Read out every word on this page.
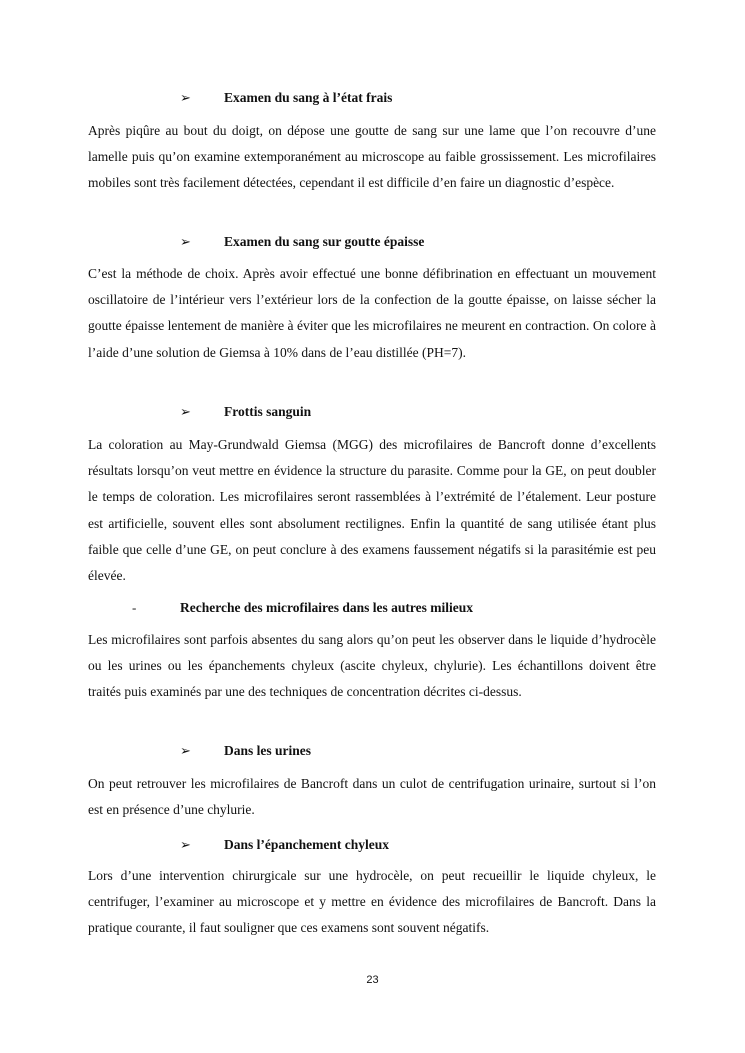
➢ Examen du sang à l’état frais

Après piqûre au bout du doigt, on dépose une goutte de sang sur une lame que l’on recouvre d’une lamelle puis qu’on examine extemporanément au microscope au faible grossissement. Les microfilaires mobiles sont très facilement détectées, cependant il est difficile d’en faire un diagnostic d’espèce.

➢ Examen du sang sur goutte épaisse

C’est la méthode de choix. Après avoir effectué une bonne défibrination en effectuant un mouvement oscillatoire de l’intérieur vers l’extérieur lors de la confection de la goutte épaisse, on laisse sécher la goutte épaisse lentement de manière à éviter que les microfilaires ne meurent en contraction. On colore à l’aide d’une solution de Giemsa à 10% dans de l’eau distillée (PH=7).

➢ Frottis sanguin

La coloration au May-Grundwald Giemsa (MGG) des microfilaires de Bancroft donne d’excellents résultats lorsqu’on veut mettre en évidence la structure du parasite. Comme pour la GE, on peut doubler le temps de coloration. Les microfilaires seront rassemblées à l’extrémité de l’étalement. Leur posture est artificielle, souvent elles sont absolument rectilignes. Enfin la quantité de sang utilisée étant plus faible que celle d’une GE, on peut conclure à des examens faussement négatifs si la parasitémie est peu élevée.

-	Recherche des microfilaires dans les autres milieux

Les microfilaires sont parfois absentes du sang alors qu’on peut les observer dans le liquide d’hydrocèle ou les urines ou les épanchements chyleux (ascite chyleux, chylurie). Les échantillons doivent être traités puis examinés par une des techniques de concentration décrites ci-dessus.

➢ Dans les urines

On peut retrouver les microfilaires de Bancroft dans un culot de centrifugation urinaire, surtout si l’on est en présence d’une chylurie.

➢ Dans l’épanchement chyleux

Lors d’une intervention chirurgicale sur une hydrocèle, on peut recueillir le liquide chyleux, le centrifuger, l’examiner au microscope et y mettre en évidence des microfilaires de Bancroft. Dans la pratique courante, il faut souligner que ces examens sont souvent négatifs.

23
